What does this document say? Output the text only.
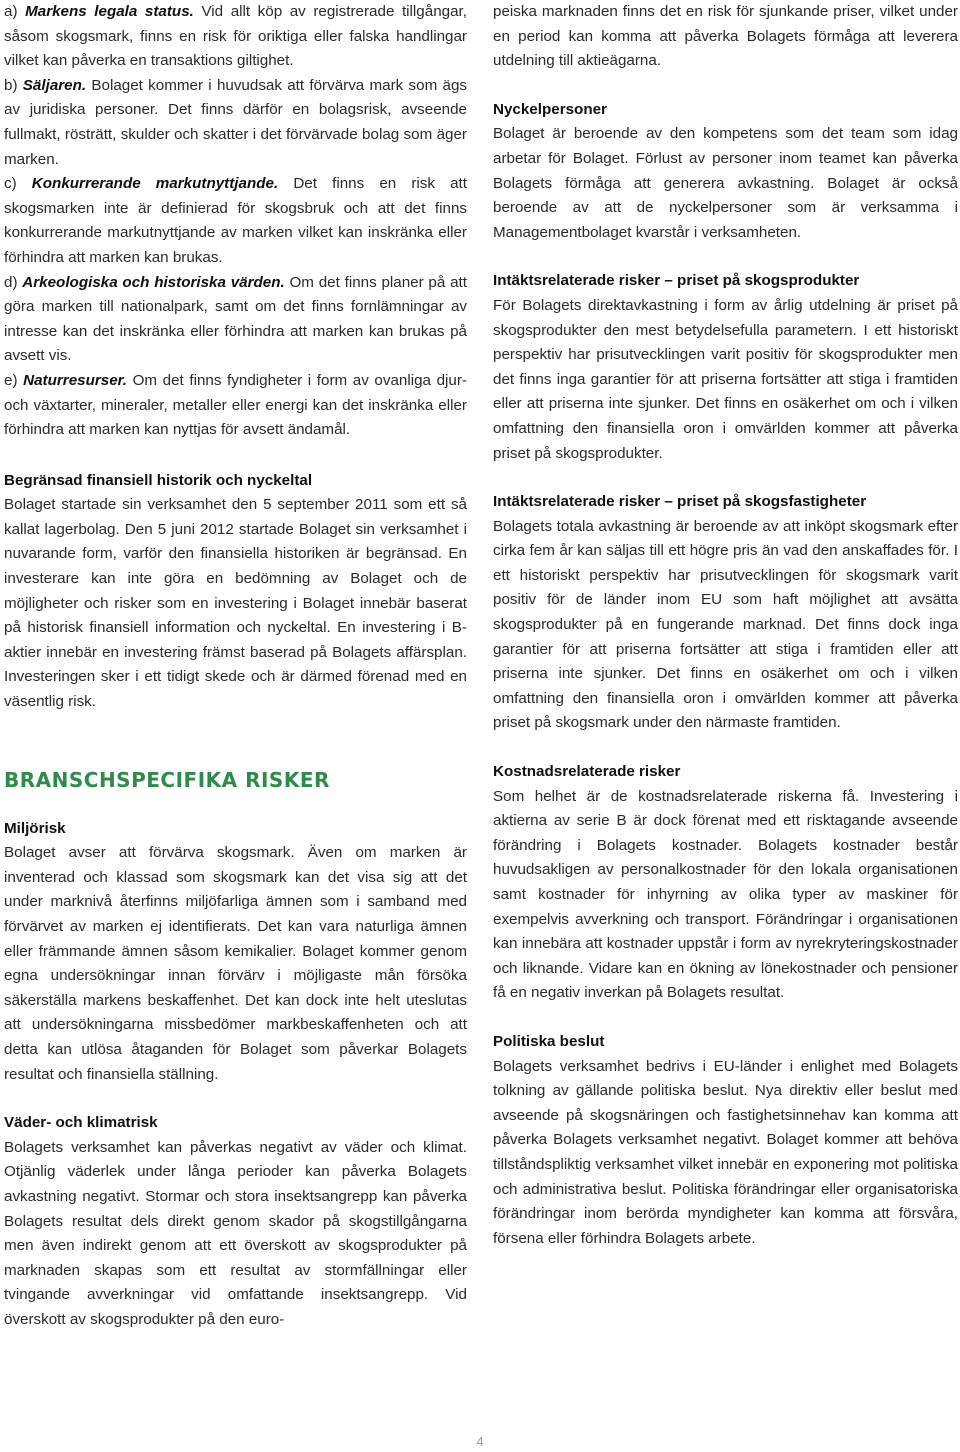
a) Markens legala status. Vid allt köp av registrerade tillgångar, såsom skogsmark, finns en risk för oriktiga eller falska handlingar vilket kan påverka en transaktions giltighet.

b) Säljaren. Bolaget kommer i huvudsak att förvärva mark som ägs av juridiska personer. Det finns därför en bolagsrisk, avseende fullmakt, rösträtt, skulder och skatter i det förvärvade bolag som äger marken.

c) Konkurrerande markutnyttjande. Det finns en risk att skogsmarken inte är definierad för skogsbruk och att det finns konkurrerande markutnyttjande av marken vilket kan inskränka eller förhindra att marken kan brukas.

d) Arkeologiska och historiska värden. Om det finns planer på att göra marken till nationalpark, samt om det finns fornlämningar av intresse kan det inskränka eller förhindra att marken kan brukas på avsett vis.

e) Naturresurser. Om det finns fyndigheter i form av ovanliga djur- och växtarter, mineraler, metaller eller energi kan det inskränka eller förhindra att marken kan nyttjas för avsett ändamål.

Begränsad finansiell historik och nyckeltal

Bolaget startade sin verksamhet den 5 september 2011 som ett så kallat lagerbolag. Den 5 juni 2012 startade Bolaget sin verksamhet i nuvarande form, varför den finansiella historiken är begränsad. En investerare kan inte göra en bedömning av Bolaget och de möjligheter och risker som en investering i Bolaget innebär baserat på historisk finansiell information och nyckeltal. En investering i B-aktier innebär en investering främst baserad på Bolagets affärsplan. Investeringen sker i ett tidigt skede och är därmed förenad med en väsentlig risk.

BRANSCHSPECIFIKA RISKER
Miljörisk

Bolaget avser att förvärva skogsmark. Även om marken är inventerad och klassad som skogsmark kan det visa sig att det under marknivå återfinns miljöfarliga ämnen som i samband med förvärvet av marken ej identifierats. Det kan vara naturliga ämnen eller främmande ämnen såsom kemikalier. Bolaget kommer genom egna undersökningar innan förvärv i möjligaste mån försöka säkerställa markens beskaffenhet. Det kan dock inte helt uteslutas att undersökningarna missbedömer markbeskaffenheten och att detta kan utlösa åtaganden för Bolaget som påverkar Bolagets resultat och finansiella ställning.

Väder- och klimatrisk

Bolagets verksamhet kan påverkas negativt av väder och klimat. Otjänlig väderlek under långa perioder kan påverka Bolagets avkastning negativt. Stormar och stora insektsangrepp kan påverka Bolagets resultat dels direkt genom skador på skogstillgångarna men även indirekt genom att ett överskott av skogsprodukter på marknaden skapas som ett resultat av stormfällningar eller tvingande avverkningar vid omfattande insektsangrepp. Vid överskott av skogsprodukter på den euro-

peiska marknaden finns det en risk för sjunkande priser, vilket under en period kan komma att påverka Bolagets förmåga att leverera utdelning till aktieägarna.

Nyckelpersoner

Bolaget är beroende av den kompetens som det team som idag arbetar för Bolaget. Förlust av personer inom teamet kan påverka Bolagets förmåga att generera avkastning. Bolaget är också beroende av att de nyckelpersoner som är verksamma i Managementbolaget kvarstår i verksamheten.

Intäktsrelaterade risker – priset på skogsprodukter

För Bolagets direktavkastning i form av årlig utdelning är priset på skogsprodukter den mest betydelsefulla parametern. I ett historiskt perspektiv har prisutvecklingen varit positiv för skogsprodukter men det finns inga garantier för att priserna fortsätter att stiga i framtiden eller att priserna inte sjunker. Det finns en osäkerhet om och i vilken omfattning den finansiella oron i omvärlden kommer att påverka priset på skogsprodukter.

Intäktsrelaterade risker – priset på skogsfastigheter

Bolagets totala avkastning är beroende av att inköpt skogsmark efter cirka fem år kan säljas till ett högre pris än vad den anskaffades för. I ett historiskt perspektiv har prisutvecklingen för skogsmark varit positiv för de länder inom EU som haft möjlighet att avsätta skogsprodukter på en fungerande marknad. Det finns dock inga garantier för att priserna fortsätter att stiga i framtiden eller att priserna inte sjunker. Det finns en osäkerhet om och i vilken omfattning den finansiella oron i omvärlden kommer att påverka priset på skogsmark under den närmaste framtiden.

Kostnadsrelaterade risker

Som helhet är de kostnadsrelaterade riskerna få. Investering i aktierna av serie B är dock förenat med ett risktagande avseende förändring i Bolagets kostnader. Bolagets kostnader består huvudsakligen av personalkostnader för den lokala organisationen samt kostnader för inhyrning av olika typer av maskiner för exempelvis avverkning och transport. Förändringar i organisationen kan innebära att kostnader uppstår i form av nyrekryteringskostnader och liknande. Vidare kan en ökning av lönekostnader och pensioner få en negativ inverkan på Bolagets resultat.

Politiska beslut

Bolagets verksamhet bedrivs i EU-länder i enlighet med Bolagets tolkning av gällande politiska beslut. Nya direktiv eller beslut med avseende på skogsnäringen och fastighetsinnehav kan komma att påverka Bolagets verksamhet negativt. Bolaget kommer att behöva tillståndspliktig verksamhet vilket innebär en exponering mot politiska och administrativa beslut. Politiska förändringar eller organisatoriska förändringar inom berörda myndigheter kan komma att försvåra, försena eller förhindra Bolagets arbete.

4
